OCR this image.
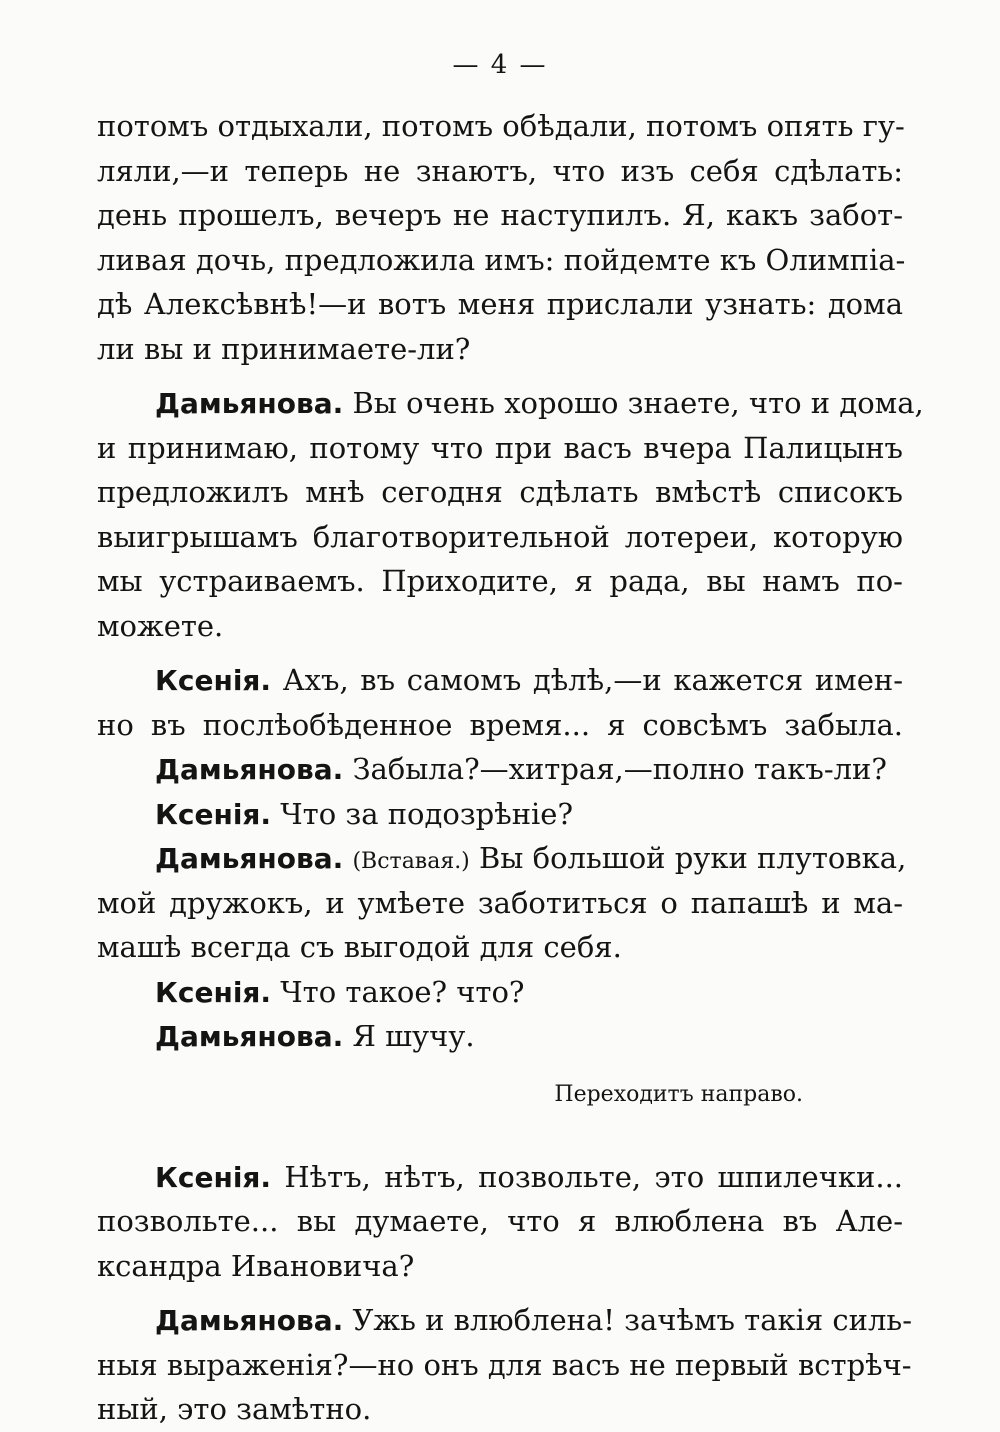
— 4 —
потомъ отдыхали, потомъ обѣдали, потомъ опять гу-
ляли,—и теперь не знаютъ, что изъ себя сдѣлать:
день прошелъ, вечеръ не наступилъ. Я, какъ забот-
ливая дочь, предложила имъ: пойдемте къ Олимпіа-
дѣ Алексѣвнѣ!—и вотъ меня прислали узнать: дома
ли вы и принимаете-ли?
Дамьянова. Вы очень хорошо знаете, что и дома,
и принимаю, потому что при васъ вчера Палицынъ
предложилъ мнѣ сегодня сдѣлать вмѣстѣ списокъ
выигрышамъ благотворительной лотереи, которую
мы устраиваемъ. Приходите, я рада, вы намъ по-
можете.
Ксенія. Ахъ, въ самомъ дѣлѣ,—и кажется имен-
но въ послѣобѣденное время... я совсѣмъ забыла.
Дамьянова. Забыла?—хитрая,—полно такъ-ли?
Ксенія. Что за подозрѣніе?
Дамьянова. (Вставая.) Вы большой руки плутовка,
мой дружокъ, и умѣете заботиться о папашѣ и ма-
машѣ всегда съ выгодой для себя.
Ксенія. Что такое? что?
Дамьянова. Я шучу.
Переходитъ направо.
Ксенія. Нѣтъ, нѣтъ, позвольте, это шпилечки...
позвольте... вы думаете, что я влюблена въ Але-
ксандра Ивановича?
Дамьянова. Ужь и влюблена! зачѣмъ такія силь-
ныя выраженія?—но онъ для васъ не первый встрѣч-
ный, это замѣтно.
